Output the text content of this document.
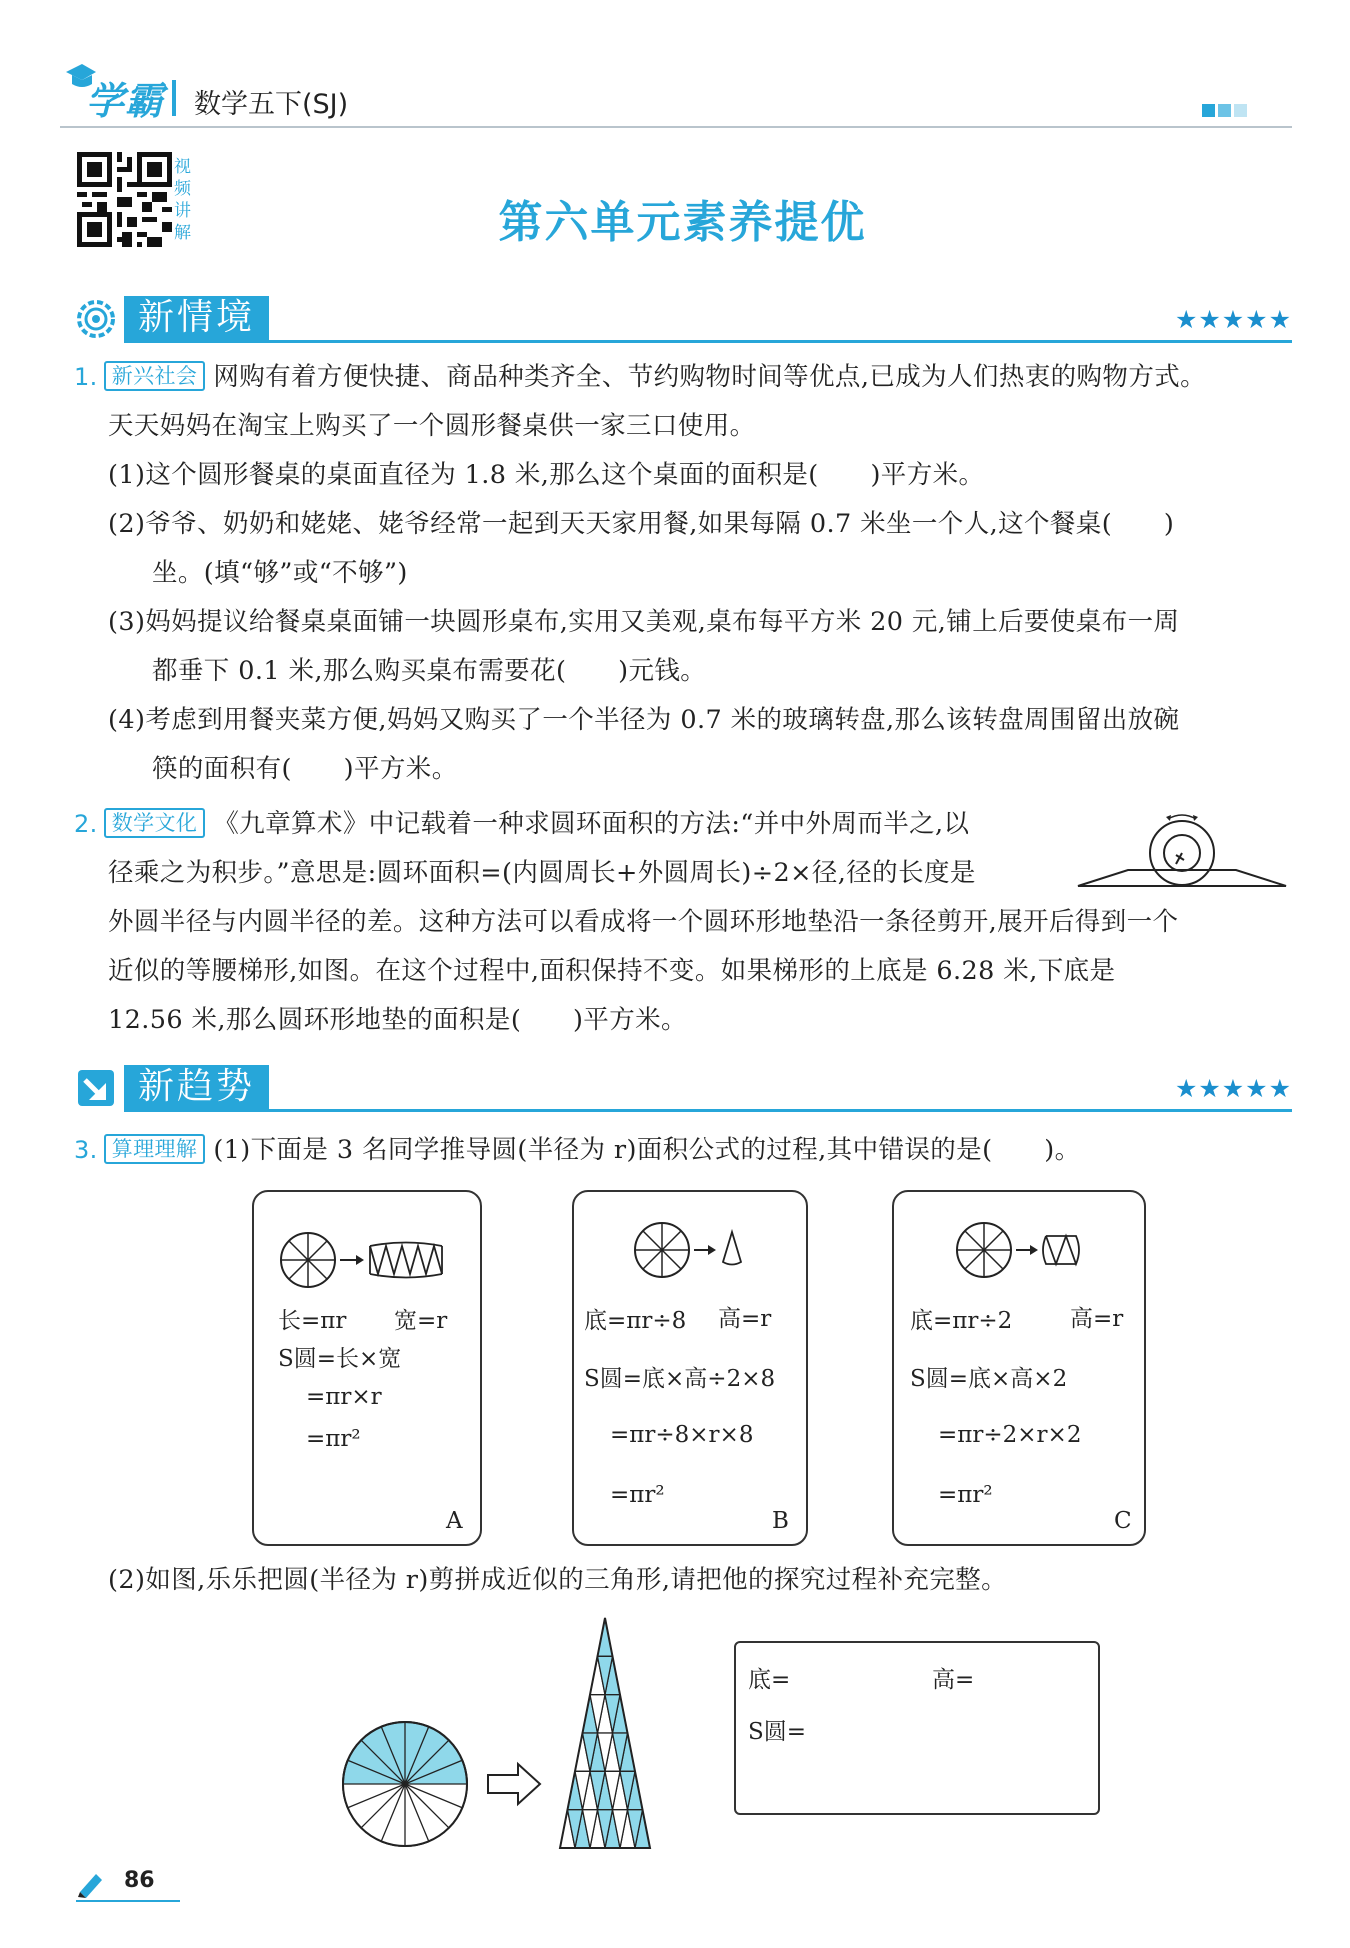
学霸 数学五下(SJ)
视
频
讲
解	第六单元素养提优
新情境	★★★★★
1. 新兴社会 网购有着方便快捷、商品种类齐全、节约购物时间等优点,已成为人们热衷的购物方式。
天天妈妈在淘宝上购买了一个圆形餐桌供一家三口使用。
(1)这个圆形餐桌的桌面直径为 1.8 米,那么这个桌面的面积是(　　)平方米。
(2)爷爷、奶奶和姥姥、姥爷经常一起到天天家用餐,如果每隔 0.7 米坐一个人,这个餐桌(　　)
坐。(填“够”或“不够”)
(3)妈妈提议给餐桌桌面铺一块圆形桌布,实用又美观,桌布每平方米 20 元,铺上后要使桌布一周
都垂下 0.1 米,那么购买桌布需要花(　　)元钱。
(4)考虑到用餐夹菜方便,妈妈又购买了一个半径为 0.7 米的玻璃转盘,那么该转盘周围留出放碗
筷的面积有(　　)平方米。
2. 数学文化 《九章算术》中记载着一种求圆环面积的方法:“并中外周而半之,以
径乘之为积步。”意思是:圆环面积=(内圆周长+外圆周长)÷2×径,径的长度是
外圆半径与内圆半径的差。这种方法可以看成将一个圆环形地垫沿一条径剪开,展开后得到一个
近似的等腰梯形,如图。在这个过程中,面积保持不变。如果梯形的上底是 6.28 米,下底是
12.56 米,那么圆环形地垫的面积是(　　)平方米。
新趋势	★★★★★
3. 算理理解 (1)下面是 3 名同学推导圆(半径为 r)面积公式的过程,其中错误的是(　　)。
长=πr 宽=r
S圆=长×宽
=πr×r
=πr²
A
底=πr÷8 高=r
S圆=底×高÷2×8
=πr÷8×r×8
=πr²
B
底=πr÷2	高=r
S圆=底×高×2
=πr÷2×r×2
=πr²
C
(2)如图,乐乐把圆(半径为 r)剪拼成近似的三角形,请把他的探究过程补充完整。
底=	高=
S圆=
86
